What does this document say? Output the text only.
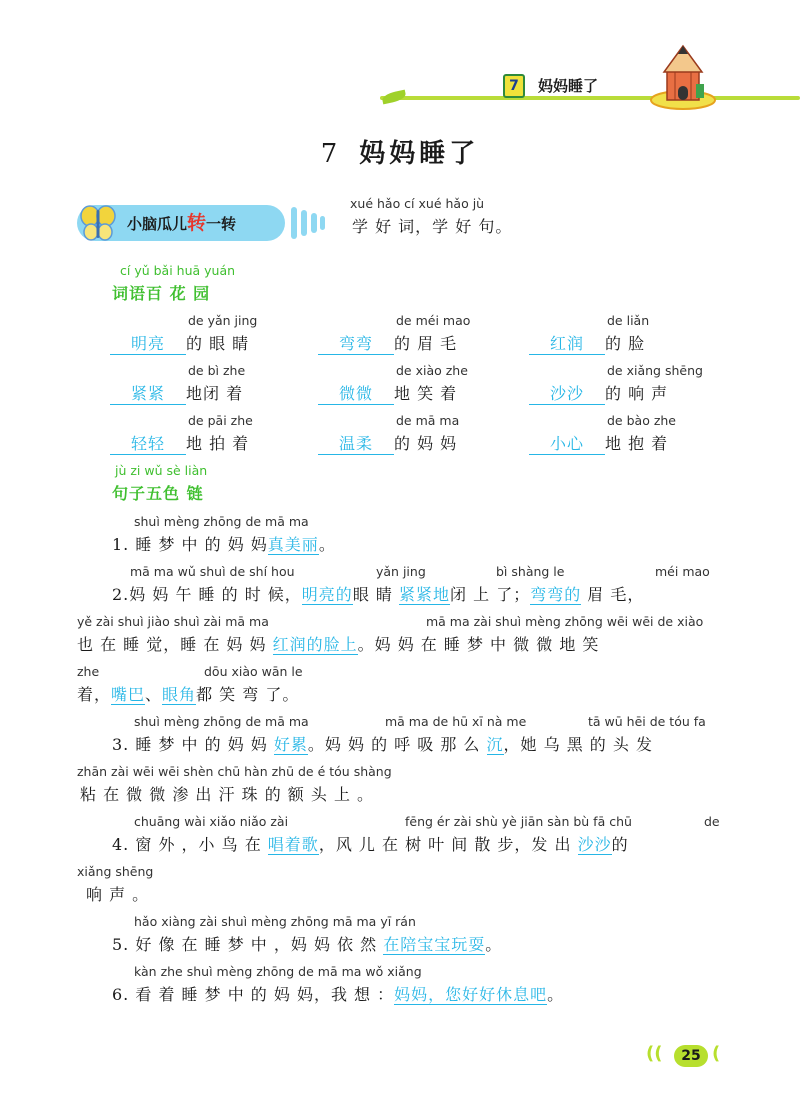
7	妈妈睡了
7 妈妈睡了
小脑瓜儿转一转
xué hǎo cí xué hǎo jù
学 好 词，学 好 句。
cí yǔ bǎi huā yuán
词语百 花 园
de yǎn jing	de méi mao	de liǎn
明亮 的 眼 睛	弯弯 的 眉 毛	红润 的 脸
de bì zhe	de xiào zhe	de xiǎng shēng
紧紧 地闭 着	微微 地 笑 着	沙沙 的 响 声
de pāi zhe	de mā ma	de bào zhe
轻轻 地 拍 着	温柔 的 妈 妈	小心 地 抱 着
jù zi wǔ sè liàn
句子五色 链
shuì mèng zhōng de mā ma
1. 睡 梦 中 的 妈 妈真美丽。
mā ma wǔ shuì de shí hou	yǎn jing	bì shàng le	méi mao
2.妈 妈 午 睡 的 时 候，明亮的眼 睛 紧紧地闭 上 了；弯弯的 眉 毛，
yě zài shuì jiào shuì zài mā ma	mā ma zài shuì mèng zhōng wēi wēi de xiào
也 在 睡 觉，睡 在 妈 妈 红润的脸上。妈 妈 在 睡 梦 中 微 微 地 笑
zhe	dōu xiào wān le
着，嘴巴、眼角都 笑 弯 了。
shuì mèng zhōng de mā ma	mā ma de hū xī nà me	tā wū hēi de tóu fa
3. 睡 梦 中 的 妈 妈 好累。妈 妈 的 呼 吸 那 么 沉，她 乌 黑 的 头 发
zhān zài wēi wēi shèn chū hàn zhū de é tóu shàng
粘 在 微 微 渗 出 汗 珠 的 额 头 上 。
chuāng wài xiǎo niǎo zài	fēng ér zài shù yè jiān sàn bù fā chū	de
4. 窗 外 ，小 鸟 在 唱着歌，风 儿 在 树 叶 间 散 步，发 出 沙沙的
xiǎng shēng
响 声 。
hǎo xiàng zài shuì mèng zhōng mā ma yī rán
5. 好 像 在 睡 梦 中 ，妈 妈 依 然 在陪宝宝玩耍。
kàn zhe shuì mèng zhōng de mā ma wǒ xiǎng
6. 看 着 睡 梦 中 的 妈 妈，我 想 ：妈妈，您好好休息吧。
((	25 (
